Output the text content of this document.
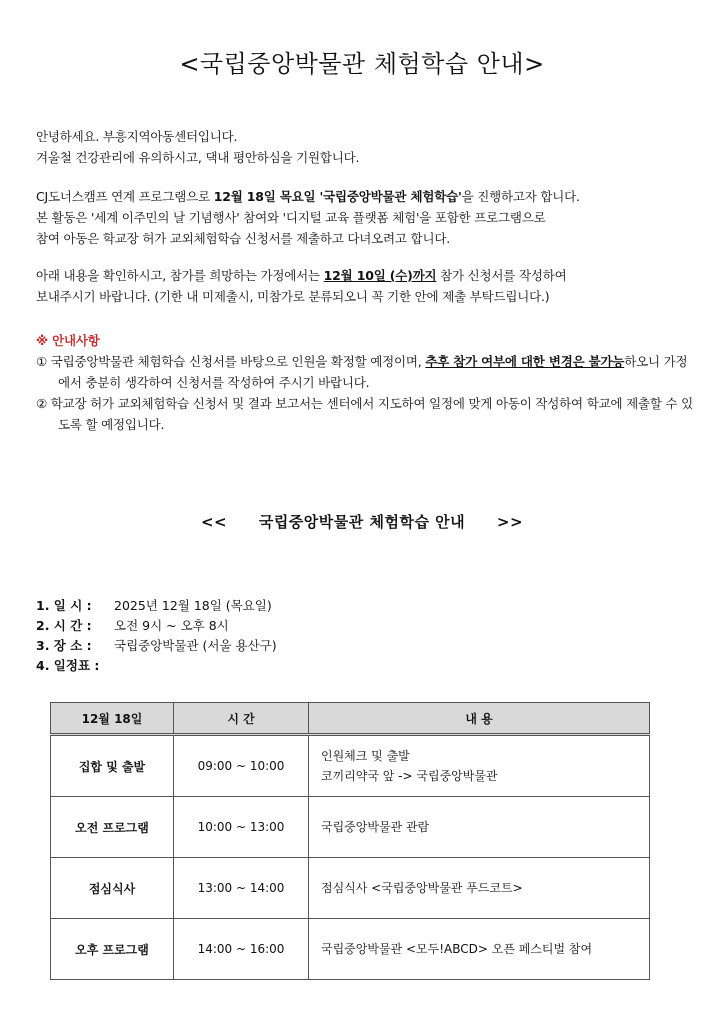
<국립중앙박물관 체험학습 안내>
안녕하세요. 부흥지역아동센터입니다.
겨울철 건강관리에 유의하시고, 댁내 평안하심을 기원합니다.
CJ도너스캠프 연계 프로그램으로 12월 18일 목요일 '국립중앙박물관 체험학습'을 진행하고자 합니다.
본 활동은 '세계 이주민의 날 기념행사' 참여와 '디지털 교육 플랫폼 체험'을 포함한 프로그램으로
참여 아동은 학교장 허가 교외체험학습 신청서를 제출하고 다녀오려고 합니다.
아래 내용을 확인하시고, 참가를 희망하는 가정에서는 12월 10일 (수)까지 참가 신청서를 작성하여
보내주시기 바랍니다. (기한 내 미제출시, 미참가로 분류되오니 꼭 기한 안에 제출 부탁드립니다.)
※ 안내사항
① 국립중앙박물관 체험학습 신청서를 바탕으로 인원을 확정할 예정이며, 추후 참가 여부에 대한 변경은 불가능하오니 가정에서 충분히 생각하여 신청서를 작성하여 주시기 바랍니다.
② 학교장 허가 교외체험학습 신청서 및 결과 보고서는 센터에서 지도하여 일정에 맞게 아동이 작성하여 학교에 제출할 수 있도록 할 예정입니다.
<< 국립중앙박물관 체험학습 안내 >>
1. 일 시 : 2025년 12월 18일 (목요일)
2. 시 간 : 오전 9시 ~ 오후 8시
3. 장 소 : 국립중앙박물관 (서울 용산구)
4. 일정표 :
12월 18일	시 간	내 용
집합 및 출발	09:00 ~ 10:00	인원체크 및 출발
코끼리약국 앞 -> 국립중앙박물관

오전 프로그램	10:00 ~ 13:00	국립중앙박물관 관람
점심식사	13:00 ~ 14:00	점심식사 <국립중앙박물관 푸드코트>
오후 프로그램	14:00 ~ 16:00	국립중앙박물관 <모두!ABCD> 오픈 페스티벌 참여
